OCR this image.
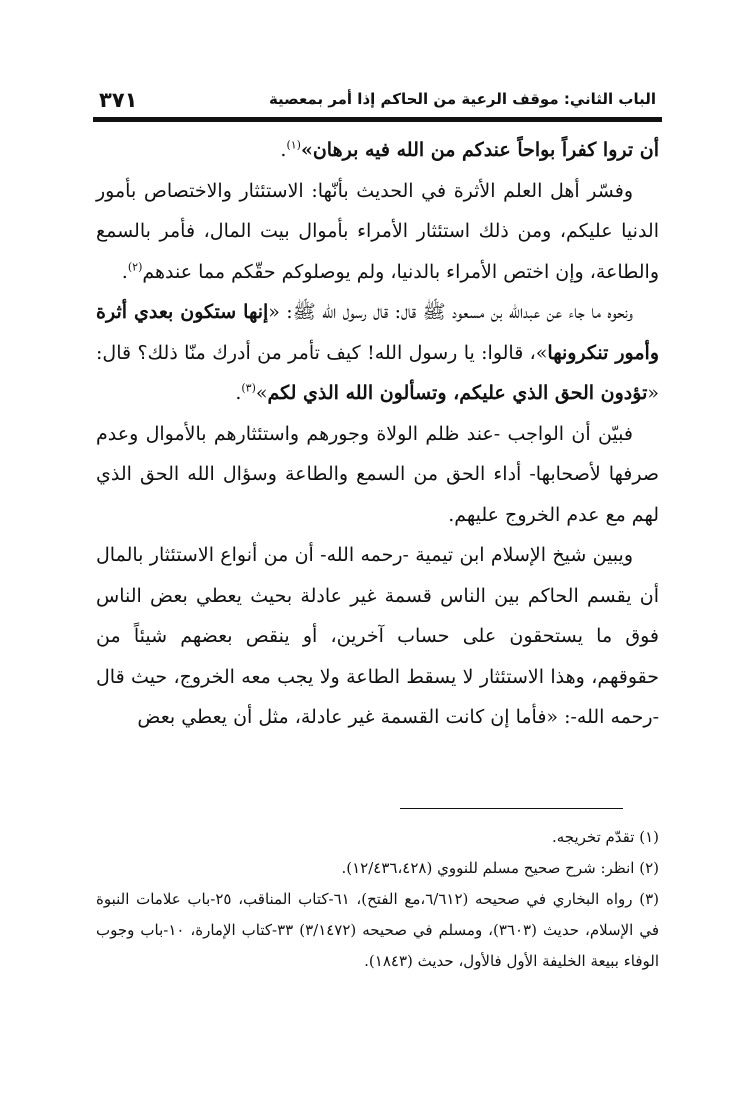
الباب الثاني: موقف الرعية من الحاكم إذا أمر بمعصية
٣٧١

أن تروا كفراً بواحاً عندكم من الله فيه برهان»$^{(١)}$.

وفسّر أهل العلم الأثرة في الحديث بأنّها: الاستئثار والاختصاص بأمور الدنيا عليكم، ومن ذلك استئثار الأمراء بأموال بيت المال، فأمر بالسمع والطاعة، وإن اختص الأمراء بالدنيا، ولم يوصلوكم حقّكم مما عندهم$^{(٢)}$.

ونحوه ما جاء عن عبدالله بن مسعود ﷺ قال: قال رسول الله ﷺ: «إنها ستكون بعدي أثرة وأمور تنكرونها»، قالوا: يا رسول الله! كيف تأمر من أدرك منّا ذلك؟ قال: «تؤدون الحق الذي عليكم، وتسألون الله الذي لكم»$^{(٣)}$.

فبيّن أن الواجب -عند ظلم الولاة وجورهم واستئثارهم بالأموال وعدم صرفها لأصحابها- أداء الحق من السمع والطاعة وسؤال الله الحق الذي لهم مع عدم الخروج عليهم.

ويبين شيخ الإسلام ابن تيمية -رحمه الله- أن من أنواع الاستئثار بالمال أن يقسم الحاكم بين الناس قسمة غير عادلة بحيث يعطي بعض الناس فوق ما يستحقون على حساب آخرين، أو ينقص بعضهم شيئاً من حقوقهم، وهذا الاستئثار لا يسقط الطاعة ولا يجب معه الخروج، حيث قال -رحمه الله-: «فأما إن كانت القسمة غير عادلة، مثل أن يعطي بعض

(١) تقدّم تخريجه.

(٢) انظر: شرح صحيح مسلم للنووي (١٢/٤٣٦،٤٢٨).

(٣) رواه البخاري في صحيحه (٦/٦١٢،مع الفتح)، ٦١-كتاب المناقب، ٢٥-باب علامات النبوة في الإسلام، حديث (٣٦٠٣)، ومسلم في صحيحه (٣/١٤٧٢) ٣٣-كتاب الإمارة، ١٠-باب وجوب الوفاء ببيعة الخليفة الأول فالأول، حديث (١٨٤٣).
